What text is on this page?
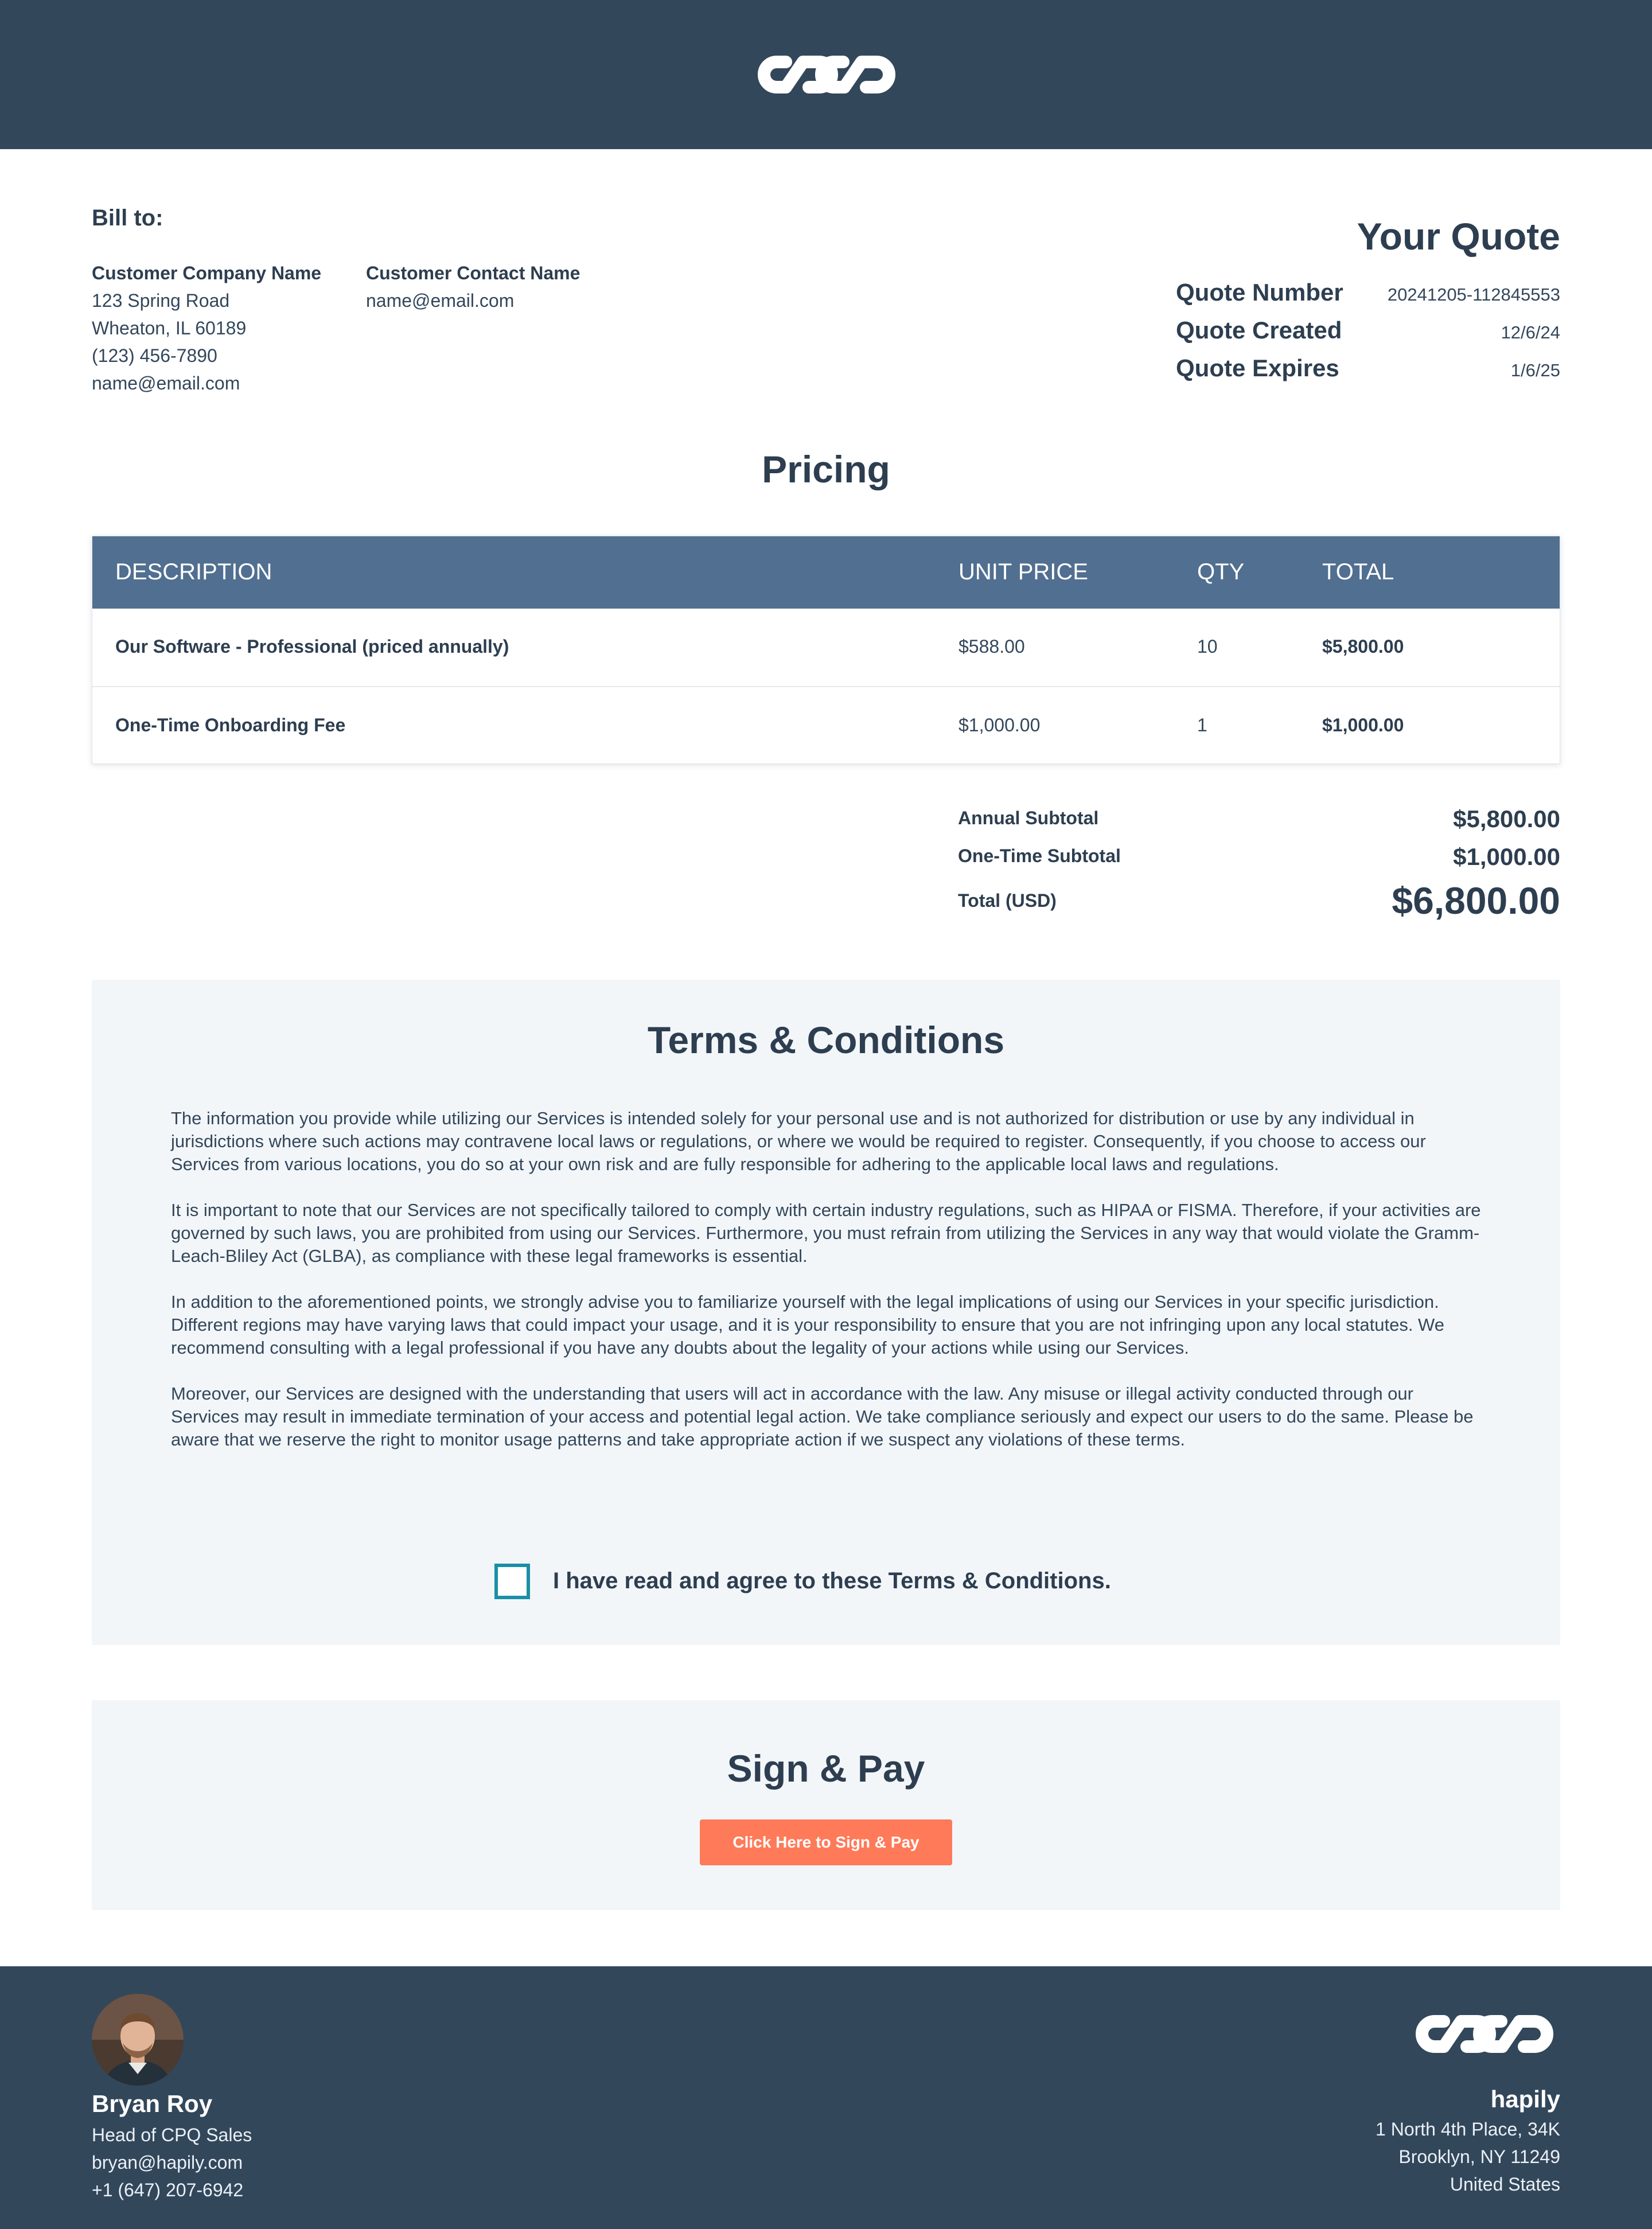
Bill to:
Customer Company Name
123 Spring Road
Wheaton, IL 60189
(123) 456-7890
name@email.com
Customer Contact Name
name@email.com
Your Quote
Quote Number 20241205-112845553
Quote Created	12/6/24
Quote Expires	1/6/25
Pricing
DESCRIPTION	UNIT PRICE	QTY	TOTAL
Our Software - Professional (priced annually)	$588.00	10	$5,800.00
One-Time Onboarding Fee	$1,000.00	1	$1,000.00
Annual Subtotal	$5,800.00
One-Time Subtotal	$1,000.00
Total (USD)	$6,800.00
Terms & Conditions

The information you provide while utilizing our Services is intended solely for your personal use and is not authorized for distribution or use by any individual in jurisdictions where such actions may contravene local laws or regulations, or where we would be required to register. Consequently, if you choose to access our Services from various locations, you do so at your own risk and are fully responsible for adhering to the applicable local laws and regulations.

It is important to note that our Services are not specifically tailored to comply with certain industry regulations, such as HIPAA or FISMA. Therefore, if your activities are governed by such laws, you are prohibited from using our Services. Furthermore, you must refrain from utilizing the Services in any way that would violate the Gramm-Leach-Bliley Act (GLBA), as compliance with these legal frameworks is essential.

In addition to the aforementioned points, we strongly advise you to familiarize yourself with the legal implications of using our Services in your specific jurisdiction. Different regions may have varying laws that could impact your usage, and it is your responsibility to ensure that you are not infringing upon any local statutes. We recommend consulting with a legal professional if you have any doubts about the legality of your actions while using our Services.

Moreover, our Services are designed with the understanding that users will act in accordance with the law. Any misuse or illegal activity conducted through our Services may result in immediate termination of your access and potential legal action. We take compliance seriously and expect our users to do the same. Please be aware that we reserve the right to monitor usage patterns and take appropriate action if we suspect any violations of these terms.

I have read and agree to these Terms & Conditions.
Sign & Pay
Click Here to Sign & Pay
Bryan Roy
Head of CPQ Sales
bryan@hapily.com
+1 (647) 207-6942
hapily
1 North 4th Place, 34K
Brooklyn, NY 11249
United States
